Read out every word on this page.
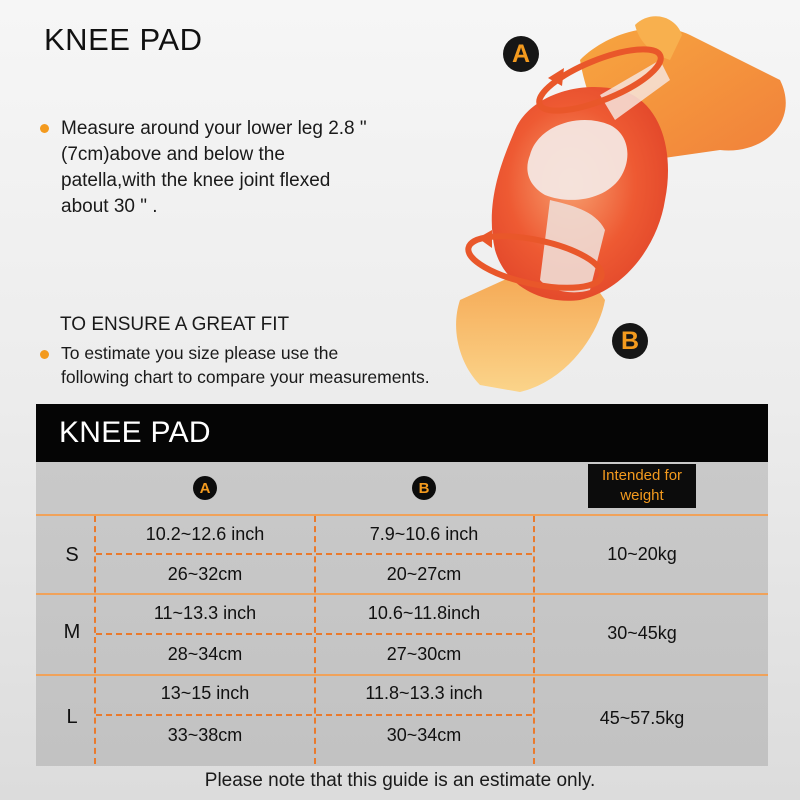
KNEE PAD
Measure around your lower leg 2.8 "
(7cm)above and below the
patella,with the knee joint flexed
about 30 " .
TO ENSURE A GREAT FIT
To estimate you size please use the
following chart to compare your measurements.
A
B
KNEE PAD
A	B
Intended for
weight
S
10.2~12.6 inch
26~32cm
7.9~10.6 inch
20~27cm
10~20kg
M
11~13.3 inch
28~34cm
10.6~11.8inch
27~30cm
30~45kg
L
13~15 inch
33~38cm
11.8~13.3 inch
30~34cm
45~57.5kg
Please note that this guide is an estimate only.
